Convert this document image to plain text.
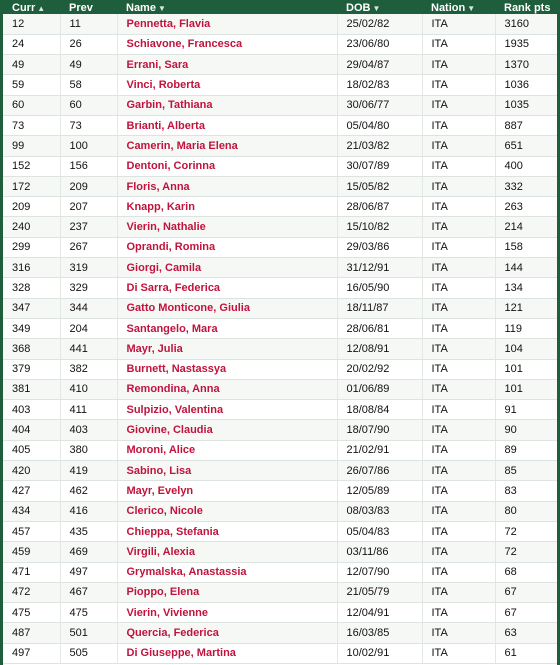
Curr ▲	Prev	Name ▼	DOB ▼	Nation ▼	Rank pts
12	11	Pennetta, Flavia	25/02/82	ITA	3160
24	26	Schiavone, Francesca	23/06/80	ITA	1935
49	49	Errani, Sara	29/04/87	ITA	1370
59	58	Vinci, Roberta	18/02/83	ITA	1036
60	60	Garbin, Tathiana	30/06/77	ITA	1035
73	73	Brianti, Alberta	05/04/80	ITA	887
99	100	Camerin, Maria Elena	21/03/82	ITA	651
152	156	Dentoni, Corinna	30/07/89	ITA	400
172	209	Floris, Anna	15/05/82	ITA	332
209	207	Knapp, Karin	28/06/87	ITA	263
240	237	Vierin, Nathalie	15/10/82	ITA	214
299	267	Oprandi, Romina	29/03/86	ITA	158
316	319	Giorgi, Camila	31/12/91	ITA	144
328	329	Di Sarra, Federica	16/05/90	ITA	134
347	344	Gatto Monticone, Giulia	18/11/87	ITA	121
349	204	Santangelo, Mara	28/06/81	ITA	119
368	441	Mayr, Julia	12/08/91	ITA	104
379	382	Burnett, Nastassya	20/02/92	ITA	101
381	410	Remondina, Anna	01/06/89	ITA	101
403	411	Sulpizio, Valentina	18/08/84	ITA	91
404	403	Giovine, Claudia	18/07/90	ITA	90
405	380	Moroni, Alice	21/02/91	ITA	89
420	419	Sabino, Lisa	26/07/86	ITA	85
427	462	Mayr, Evelyn	12/05/89	ITA	83
434	416	Clerico, Nicole	08/03/83	ITA	80
457	435	Chieppa, Stefania	05/04/83	ITA	72
459	469	Virgili, Alexia	03/11/86	ITA	72
471	497	Grymalska, Anastassia	12/07/90	ITA	68
472	467	Pioppo, Elena	21/05/79	ITA	67
475	475	Vierin, Vivienne	12/04/91	ITA	67
487	501	Quercia, Federica	16/03/85	ITA	63
497	505	Di Giuseppe, Martina	10/02/91	ITA	61
